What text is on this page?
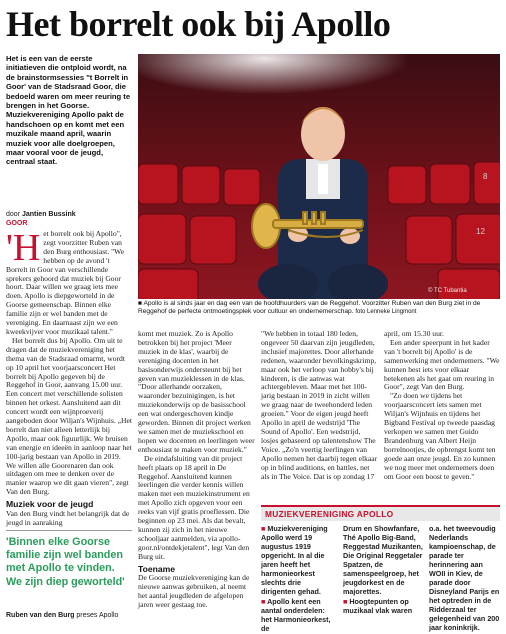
Het borrelt ook bij Apollo
Het is een van de eerste initiatieven die ontploid wordt, na de brainstormsessies "t Borrelt in Goor' van de Stadsraad Goor, die bedoeld waren om meer reuring te brengen in het Goorse. Muziekvereniging Apollo pakt de handschoen op en komt met een muzikale maand april, waarin muziek voor alle doelgroepen, maar vooral voor de jeugd, centraal staat.
door Jantien Bussink
GOOR
8
12
© TC Tubantia
■ Apollo is al sinds jaar en dag een van de hoofdhuurders van de Reggehof. Voorzitter Ruben van den Burg ziet in de Reggehof de perfecte ontmoetingsplek voor cultuur en ondernemerschap. foto Lenneke Lingmont
'H et borrelt ook bij Apollo", zegt voorzitter Ruben van den Burg enthousiast. "We hebben op de avond 't Borrelt in Goor van verschillende sprekers gehoord dat muziek bij Goor hoort. Daar willen we graag iets mee doen. Apollo is diepgeworteld in de Goorse gemeenschap. Binnen elke familie zijn er wel banden met de vereniging. En daarnaast zijn we een kweekvijver voor muzikaal talent."

Het borrelt dus bij Apollo. Om uit te dragen dat de muziekvereniging het thema van de Stadsraad omarmt, wordt op 10 april het voorjaarsconcert Het borrelt bij Apollo gegeven bij de Reggehof in Goor, aanvang 15.00 uur. Een concert met verschillende solisten binnen het orkest. Aansluitend aan dit concert wordt een wijnproeverij aangeboden door Wiljan's Wijnhuis. „Het borrelt dan niet alleen letterlijk bij Apollo, maar ook figuurlijk. We bruisen van energie en ideeën in aanloop naar het 100-jarig bestaan van Apollo in 2019. We willen alle Goorenaren dan ook uitdagen om mee te denken over de manier waarop we dit gaan vieren", zegt Van den Burg.

Muziek voor de jeugd

Van den Burg vindt het belangrijk dat de jeugd in aanraking

komt met muziek. Zo is Apollo betrokken bij het project 'Meer muziek in de klas', waarbij de vereniging docenten in het basisonderwijs ondersteunt bij het geven van muzieklessen in de klas. "Door allerhande oorzaken, waaronder bezuinigingen, is het muziekonderwijs op de basisschool een wat ondergeschoven kindje geworden. Binnen dit project werken we samen met de muziekschool en hopen we docenten en leerlingen weer enthousiast te maken voor muziek."

De eindafsluiting van dit project heeft plaats op 18 april in De Reggehof. Aansluitend kunnen leerlingen die verder kennis willen maken met een muziekinstrument en met Apollo zich opgeven voor een reeks van vijf gratis proeflessen. Die beginnen op 23 mei. Als dat bevalt, kunnen zij zich in het nieuwe schooljaar aanmelden, via apollo-goor.nl/ontdekjetalent", legt Van den Burg uit.

Toename

De Goorse muziekvereniging kan de nieuwe aanwas gebruiken, al neemt het aantal jeugdleden de afgelopen jaren weer gestaag toe.

"We hebben in totaal 180 leden, ongeveer 50 daarvan zijn jeugdleden, inclusief majorettes. Door allerhande redenen, waaronder bevolkingskrimp, maar ook het verloop van hobby's bij kinderen, is die aanwas wat achtergebleven. Maar met het 100-jarig bestaan in 2019 in zicht willen we graag naar de tweehonderd leden groeien." Voor de eigen jeugd heeft Apollo in april de wedstrijd 'The Sound of Apollo'. Een wedstrijd, losjes gebaseerd op talentenshow The Voice. „Zo'n veertig leerlingen van Apollo nemen het daarbij tegen elkaar op in blind auditions, en battles, net als in The Voice. Dat is op zondag 17

april, om 15.30 uur.

Een ander speerpunt in het kader van 't borrelt bij Apollo' is de samenwerking met ondernemers. "We kunnen best iets voor elkaar betekenen als het gaat om reuring in Goor", zegt Van den Burg.

"Zo doen we tijdens het voorjaarsconcert iets samen met Wiljan's Wijnhuis en tijdens het Bigband Festival op tweede paasdag verkopen we samen met Guido Brandenburg van Albert Heijn borrelnootjes, de opbrengst komt ten goede aan onze jeugd. En zo kunnen we nog meer met ondernemers doen om Goor een boost te geven."

'Binnen elke Goorse familie zijn wel banden met Apollo te vinden. We zijn diep geworteld'
Ruben van den Burg preses Apollo
MUZIEKVERENIGING APOLLO
■ Muziekvereniging Apollo werd 19 augustus 1919 opgericht. In al die jaren heeft het harmonieorkest slechts drie dirigenten gehad.
■ Apollo kent een aantal onderdelen: het Harmonieorkest, de
Drum en Showfanfare, Thé Apollo Big-Band, Reggestad Muzikanten, Die Original Reggetaler Spatzen, de samenspeelgroep, het jeugdorkest en de majorettes.
■ Hoogtepunten op muzikaal vlak waren
o.a. het tweevoudig Nederlands kampioenschap, de parade ter herinnering aan WOII in Kiev, de parade door Disneyland Parijs en het optreden in de Ridderzaal ter gelegenheid van 200 jaar koninkrijk.
